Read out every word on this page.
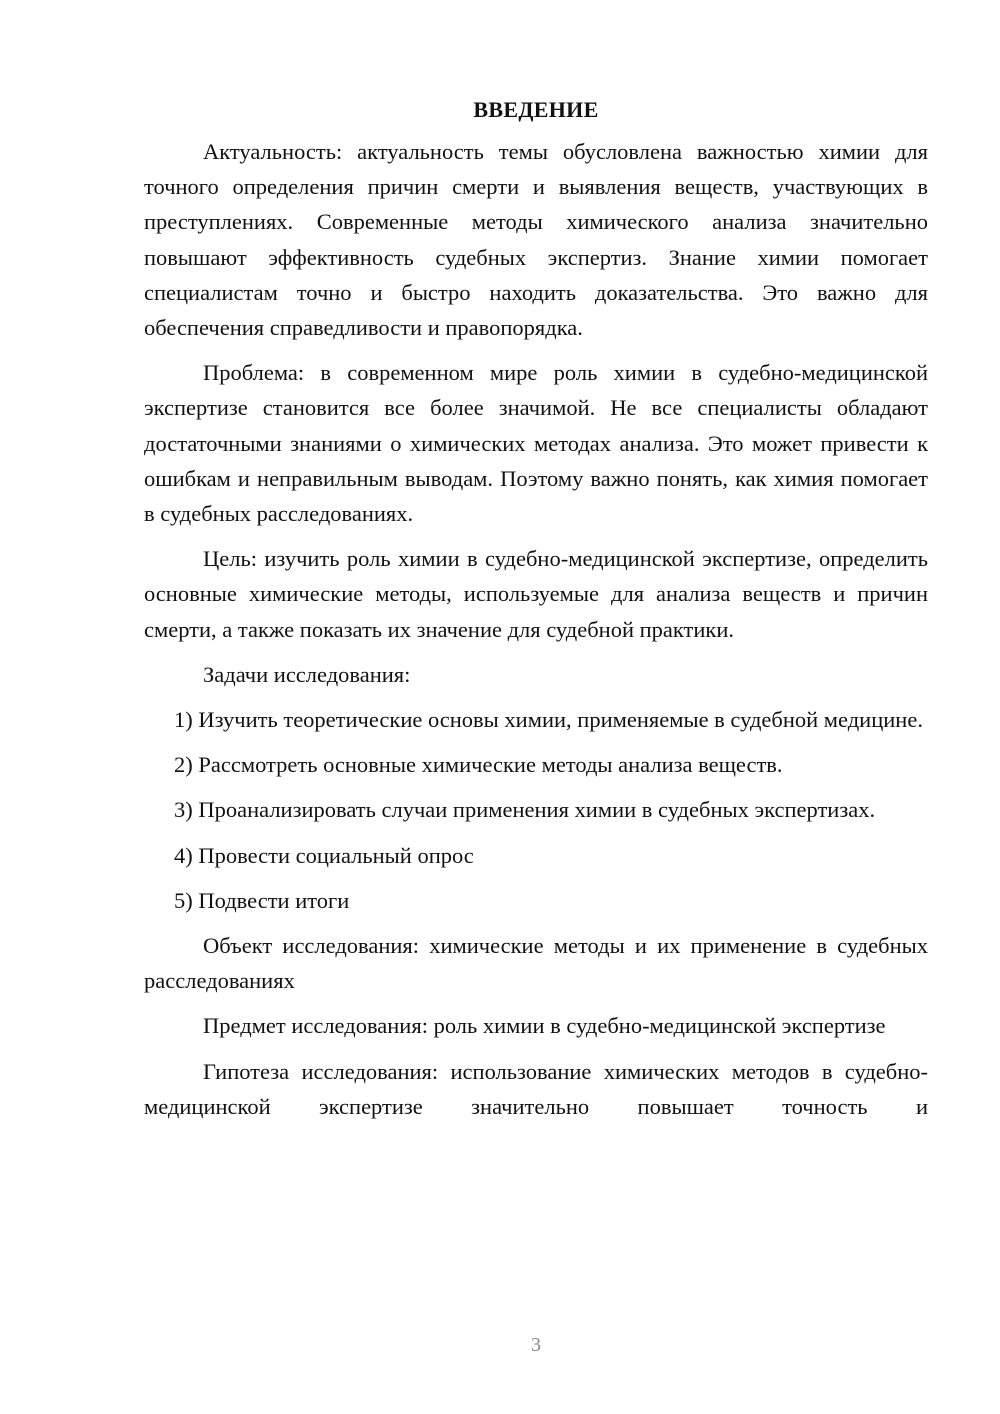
ВВЕДЕНИЕ

Актуальность: актуальность темы обусловлена важностью химии для точного определения причин смерти и выявления веществ, участвующих в преступлениях. Современные методы химического анализа значительно повышают эффективность судебных экспертиз. Знание химии помогает специалистам точно и быстро находить доказательства. Это важно для обеспечения справедливости и правопорядка.

Проблема: в современном мире роль химии в судебно-медицинской экспертизе становится все более значимой. Не все специалисты обладают достаточными знаниями о химических методах анализа. Это может привести к ошибкам и неправильным выводам. Поэтому важно понять, как химия помогает в судебных расследованиях.

Цель: изучить роль химии в судебно-медицинской экспертизе, определить основные химические методы, используемые для анализа веществ и причин смерти, а также показать их значение для судебной практики.

Задачи исследования:

1) Изучить теоретические основы химии, применяемые в судебной медицине.

2) Рассмотреть основные химические методы анализа веществ.

3) Проанализировать случаи применения химии в судебных экспертизах.

4) Провести социальный опрос

5) Подвести итоги

Объект исследования: химические методы и их применение в судебных расследованиях

Предмет исследования: роль химии в судебно-медицинской экспертизе

Гипотеза исследования: использование химических методов в судебно-медицинской экспертизе значительно повышает точность и

3
